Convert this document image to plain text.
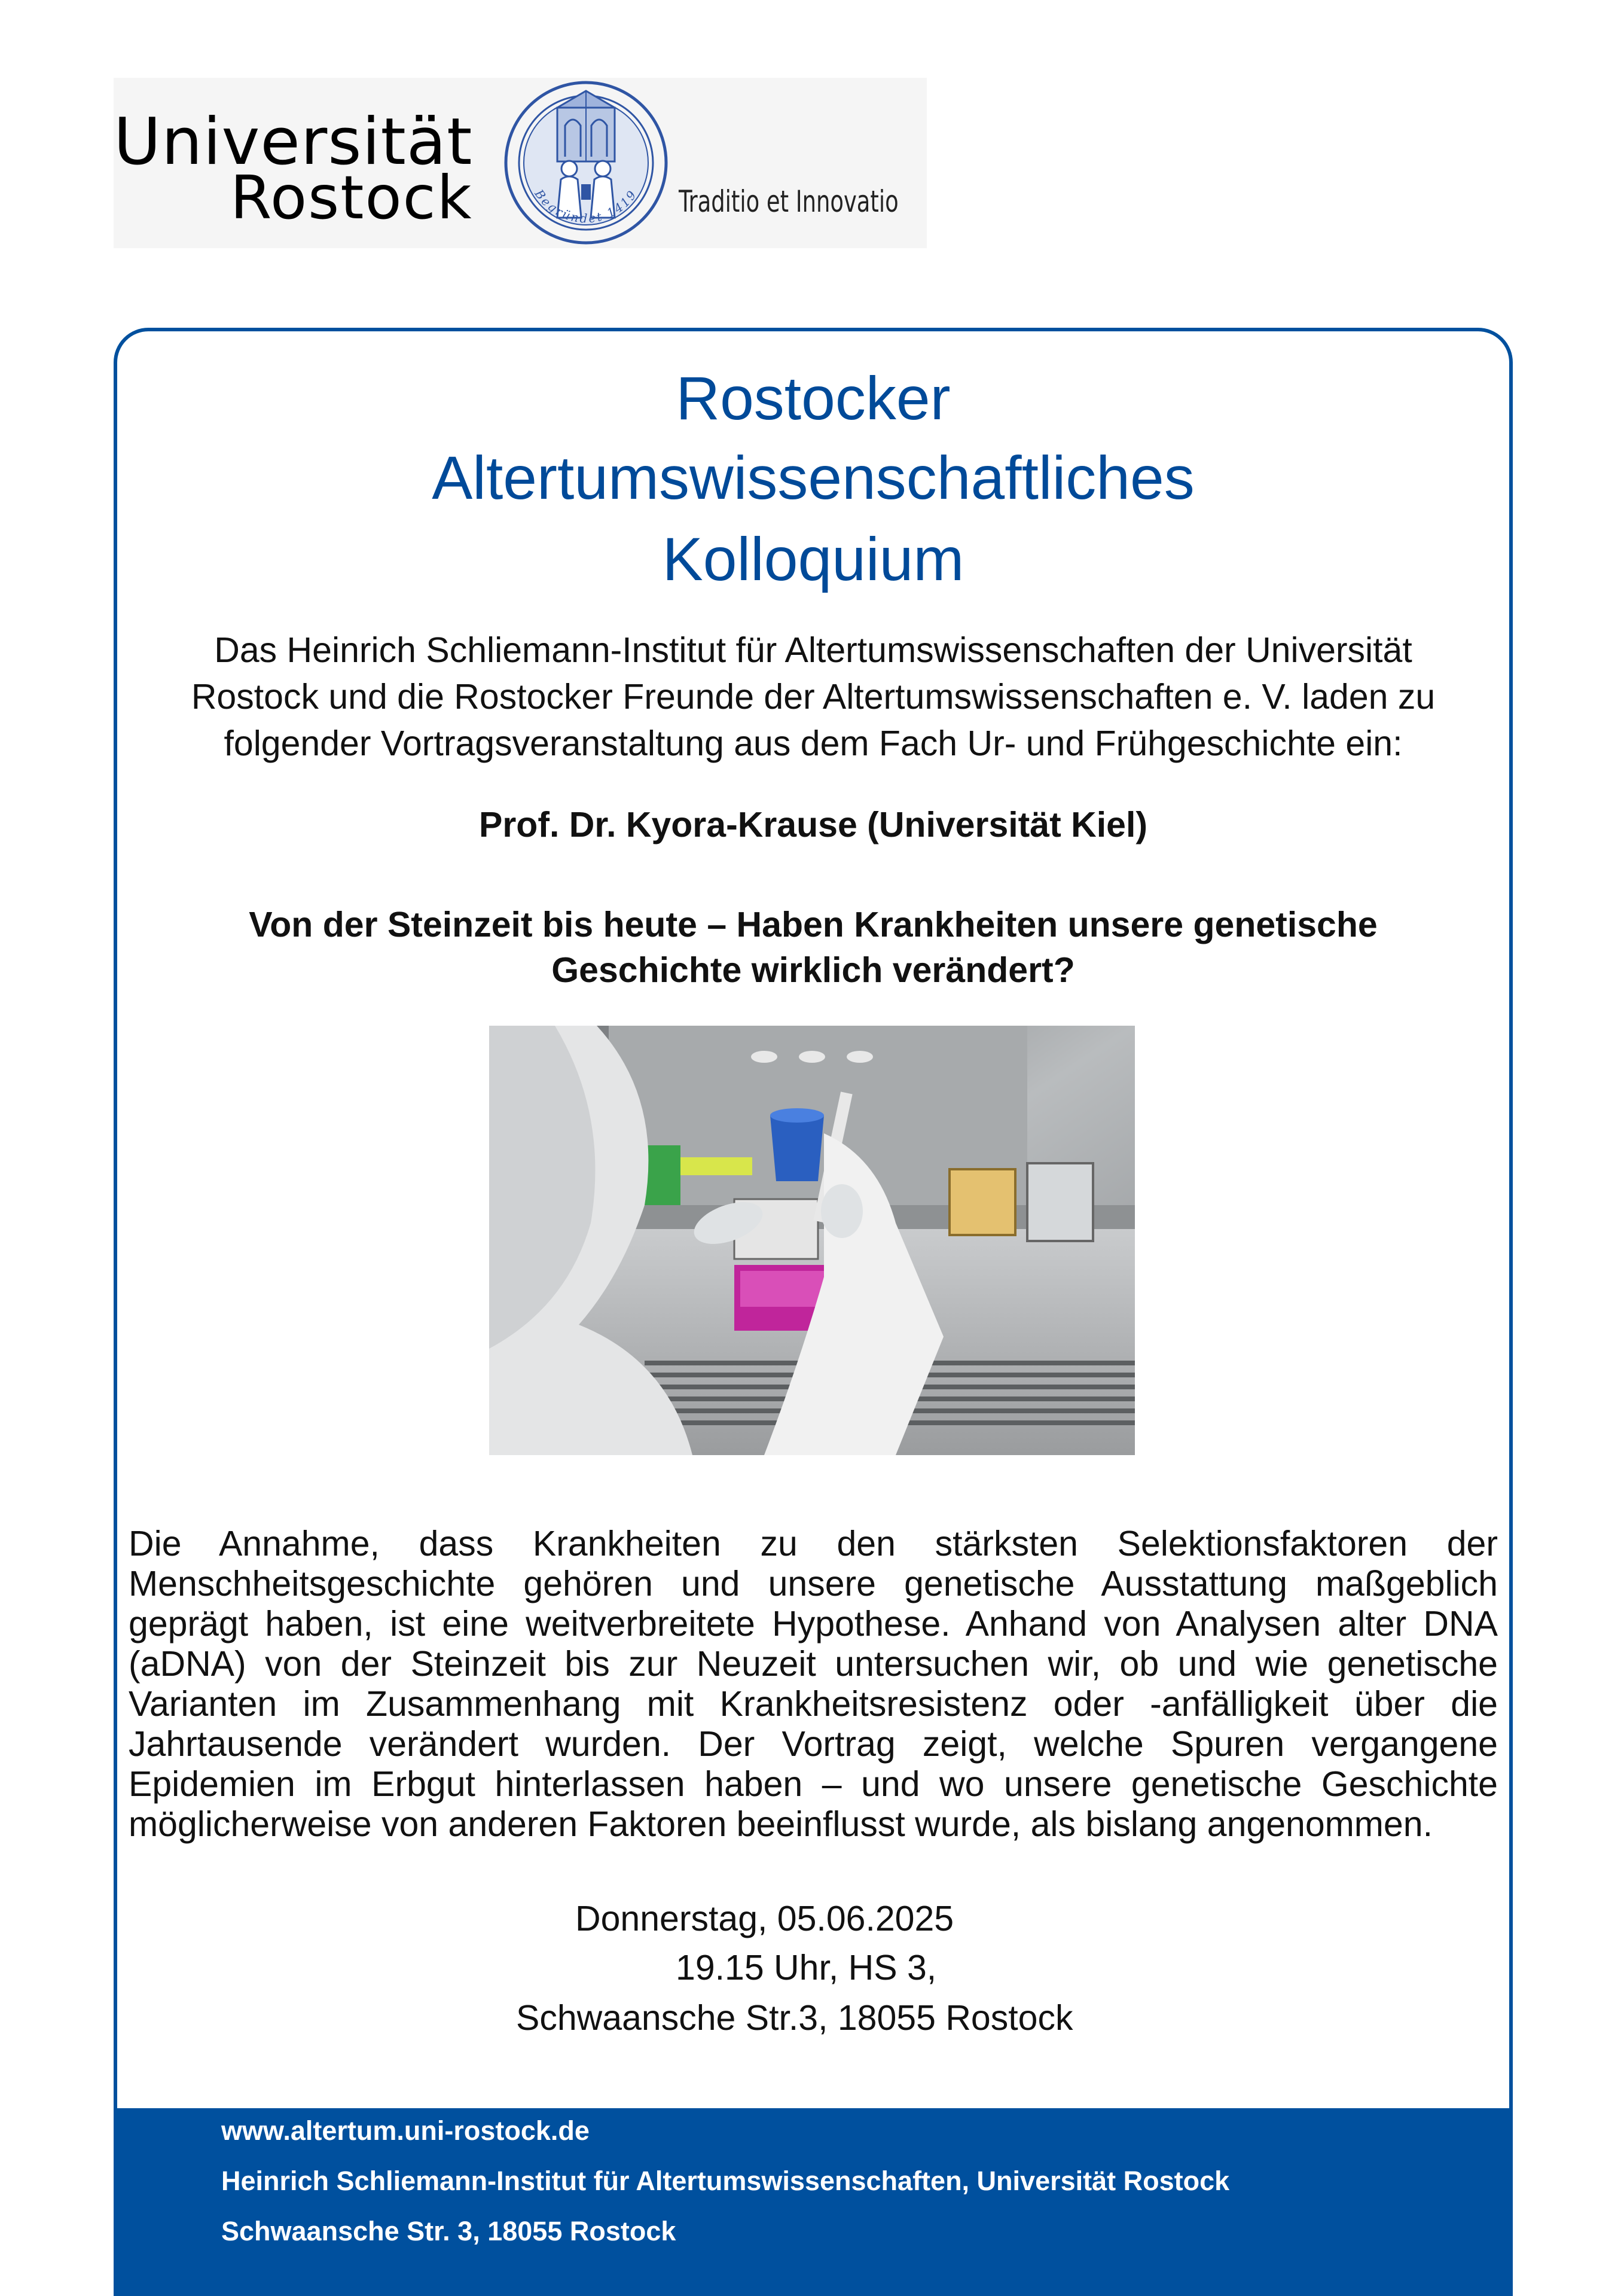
Universität
Rostock	Begründet 1419 Traditio et Innovatio
Rostocker
Altertumswissenschaftliches
Kolloquium
Das Heinrich Schliemann-Institut für Altertumswissenschaften der Universität
Rostock und die Rostocker Freunde der Altertumswissenschaften e. V. laden zu
folgender Vortragsveranstaltung aus dem Fach Ur- und Frühgeschichte ein:
Prof. Dr. Kyora-Krause (Universität Kiel)
Von der Steinzeit bis heute – Haben Krankheiten unsere genetische
Geschichte wirklich verändert?
Die Annahme, dass Krankheiten zu den stärksten Selektionsfaktoren der
Menschheitsgeschichte gehören und unsere genetische Ausstattung maßgeblich
geprägt haben, ist eine weitverbreitete Hypothese. Anhand von Analysen alter DNA
(aDNA) von der Steinzeit bis zur Neuzeit untersuchen wir, ob und wie genetische
Varianten im Zusammenhang mit Krankheitsresistenz oder -anfälligkeit über die
Jahrtausende verändert wurden. Der Vortrag zeigt, welche Spuren vergangene
Epidemien im Erbgut hinterlassen haben – und wo unsere genetische Geschichte
möglicherweise von anderen Faktoren beeinflusst wurde, als bislang angenommen.
Donnerstag, 05.06.2025
19.15 Uhr, HS 3,
Schwaansche Str.3, 18055 Rostock
www.altertum.uni-rostock.de
Heinrich Schliemann-Institut für Altertumswissenschaften, Universität Rostock
Schwaansche Str. 3, 18055 Rostock
